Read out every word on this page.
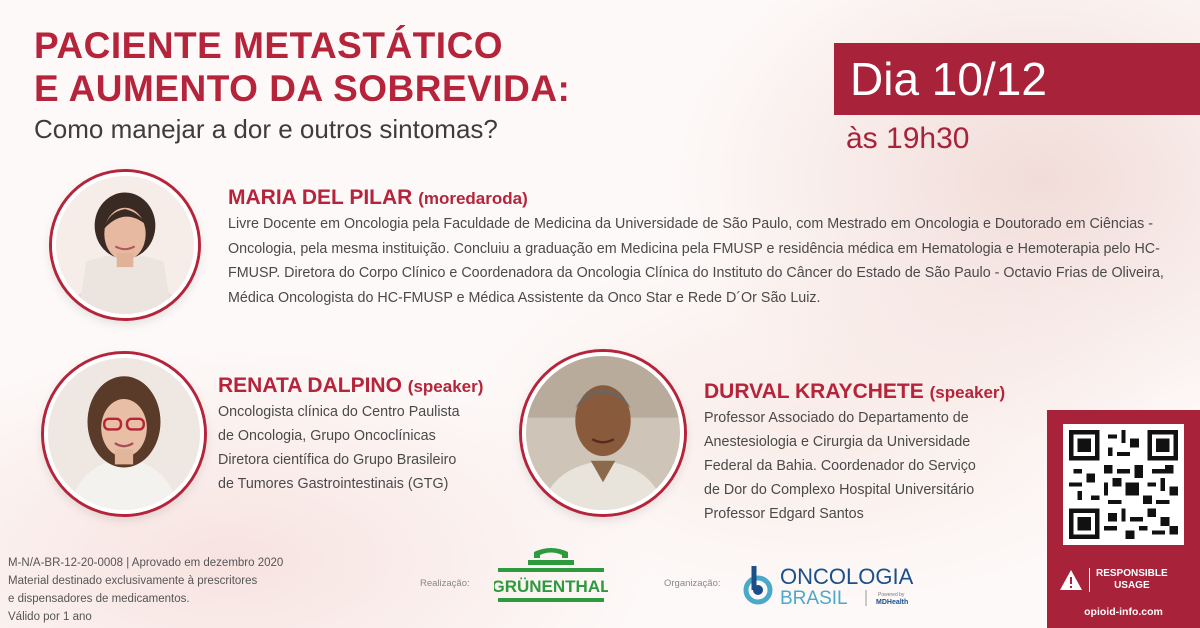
PACIENTE METASTÁTICO
E AUMENTO DA SOBREVIDA:
Como manejar a dor e outros sintomas?
Dia 10/12
às 19h30
MARIA DEL PILAR (moredaroda)
Livre Docente em Oncologia pela Faculdade de Medicina da Universidade de São Paulo, com Mestrado em Oncologia e Doutorado em Ciências - Oncologia, pela mesma instituição. Concluiu a graduação em Medicina pela FMUSP e residência médica em Hematologia e Hemoterapia pelo HC-FMUSP. Diretora do Corpo Clínico e Coordenadora da Oncologia Clínica do Instituto do Câncer do Estado de São Paulo - Octavio Frias de Oliveira, Médica Oncologista do HC-FMUSP e Médica Assistente da Onco Star e Rede D´Or São Luiz.
RENATA DALPINO (speaker)
Oncologista clínica do Centro Paulista
de Oncologia, Grupo Oncoclínicas
Diretora científica do Grupo Brasileiro
de Tumores Gastrointestinais (GTG)
DURVAL KRAYCHETE (speaker)
Professor Associado do Departamento de
Anestesiologia e Cirurgia da Universidade
Federal da Bahia. Coordenador do Serviço
de Dor do Complexo Hospital Universitário
Professor Edgard Santos
M-N/A-BR-12-20-0008 | Aprovado em dezembro 2020
Material destinado exclusivamente à prescritores
e dispensadores de medicamentos.
Válido por 1 ano
Realização: GRÜNENTHAL	Organização:	ONCOLOGIA
BRASIL	Powered by
MDHealth
RESPONSIBLE
USAGE
opioid-info.com
